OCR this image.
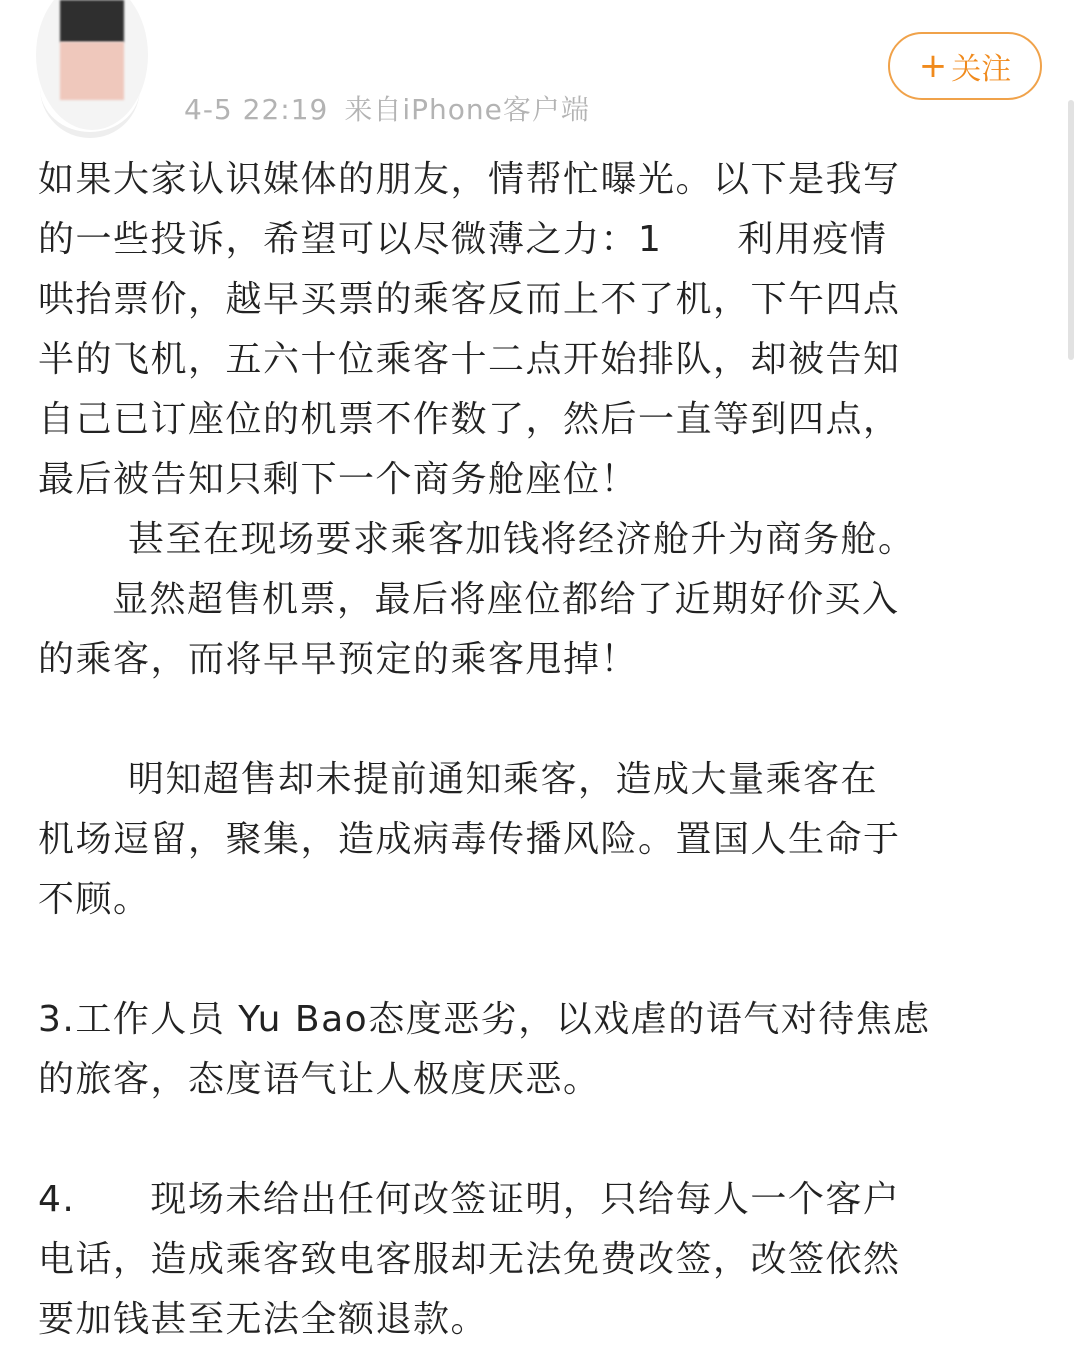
4-5 22:19 来自iPhone客户端
+ 关注

如果大家认识媒体的朋友，情帮忙曝光。以下是我写

的一些投诉，希望可以尽微薄之力：1　　 利用疫情

哄抬票价，越早买票的乘客反而上不了机，下午四点

半的飞机，五六十位乘客十二点开始排队，却被告知

自己已订座位的机票不作数了，然后一直等到四点，

最后被告知只剩下一个商务舱座位！

甚至在现场要求乘客加钱将经济舱升为商务舱。

显然超售机票，最后将座位都给了近期好价买入

的乘客，而将早早预定的乘客甩掉！

明知超售却未提前通知乘客，造成大量乘客在

机场逗留，聚集，造成病毒传播风险。置国人生命于

不顾。

3.工作人员 Yu Bao态度恶劣，以戏虐的语气对待焦虑

的旅客，态度语气让人极度厌恶。

4.　　 现场未给出任何改签证明，只给每人一个客户

电话，造成乘客致电客服却无法免费改签，改签依然

要加钱甚至无法全额退款。
